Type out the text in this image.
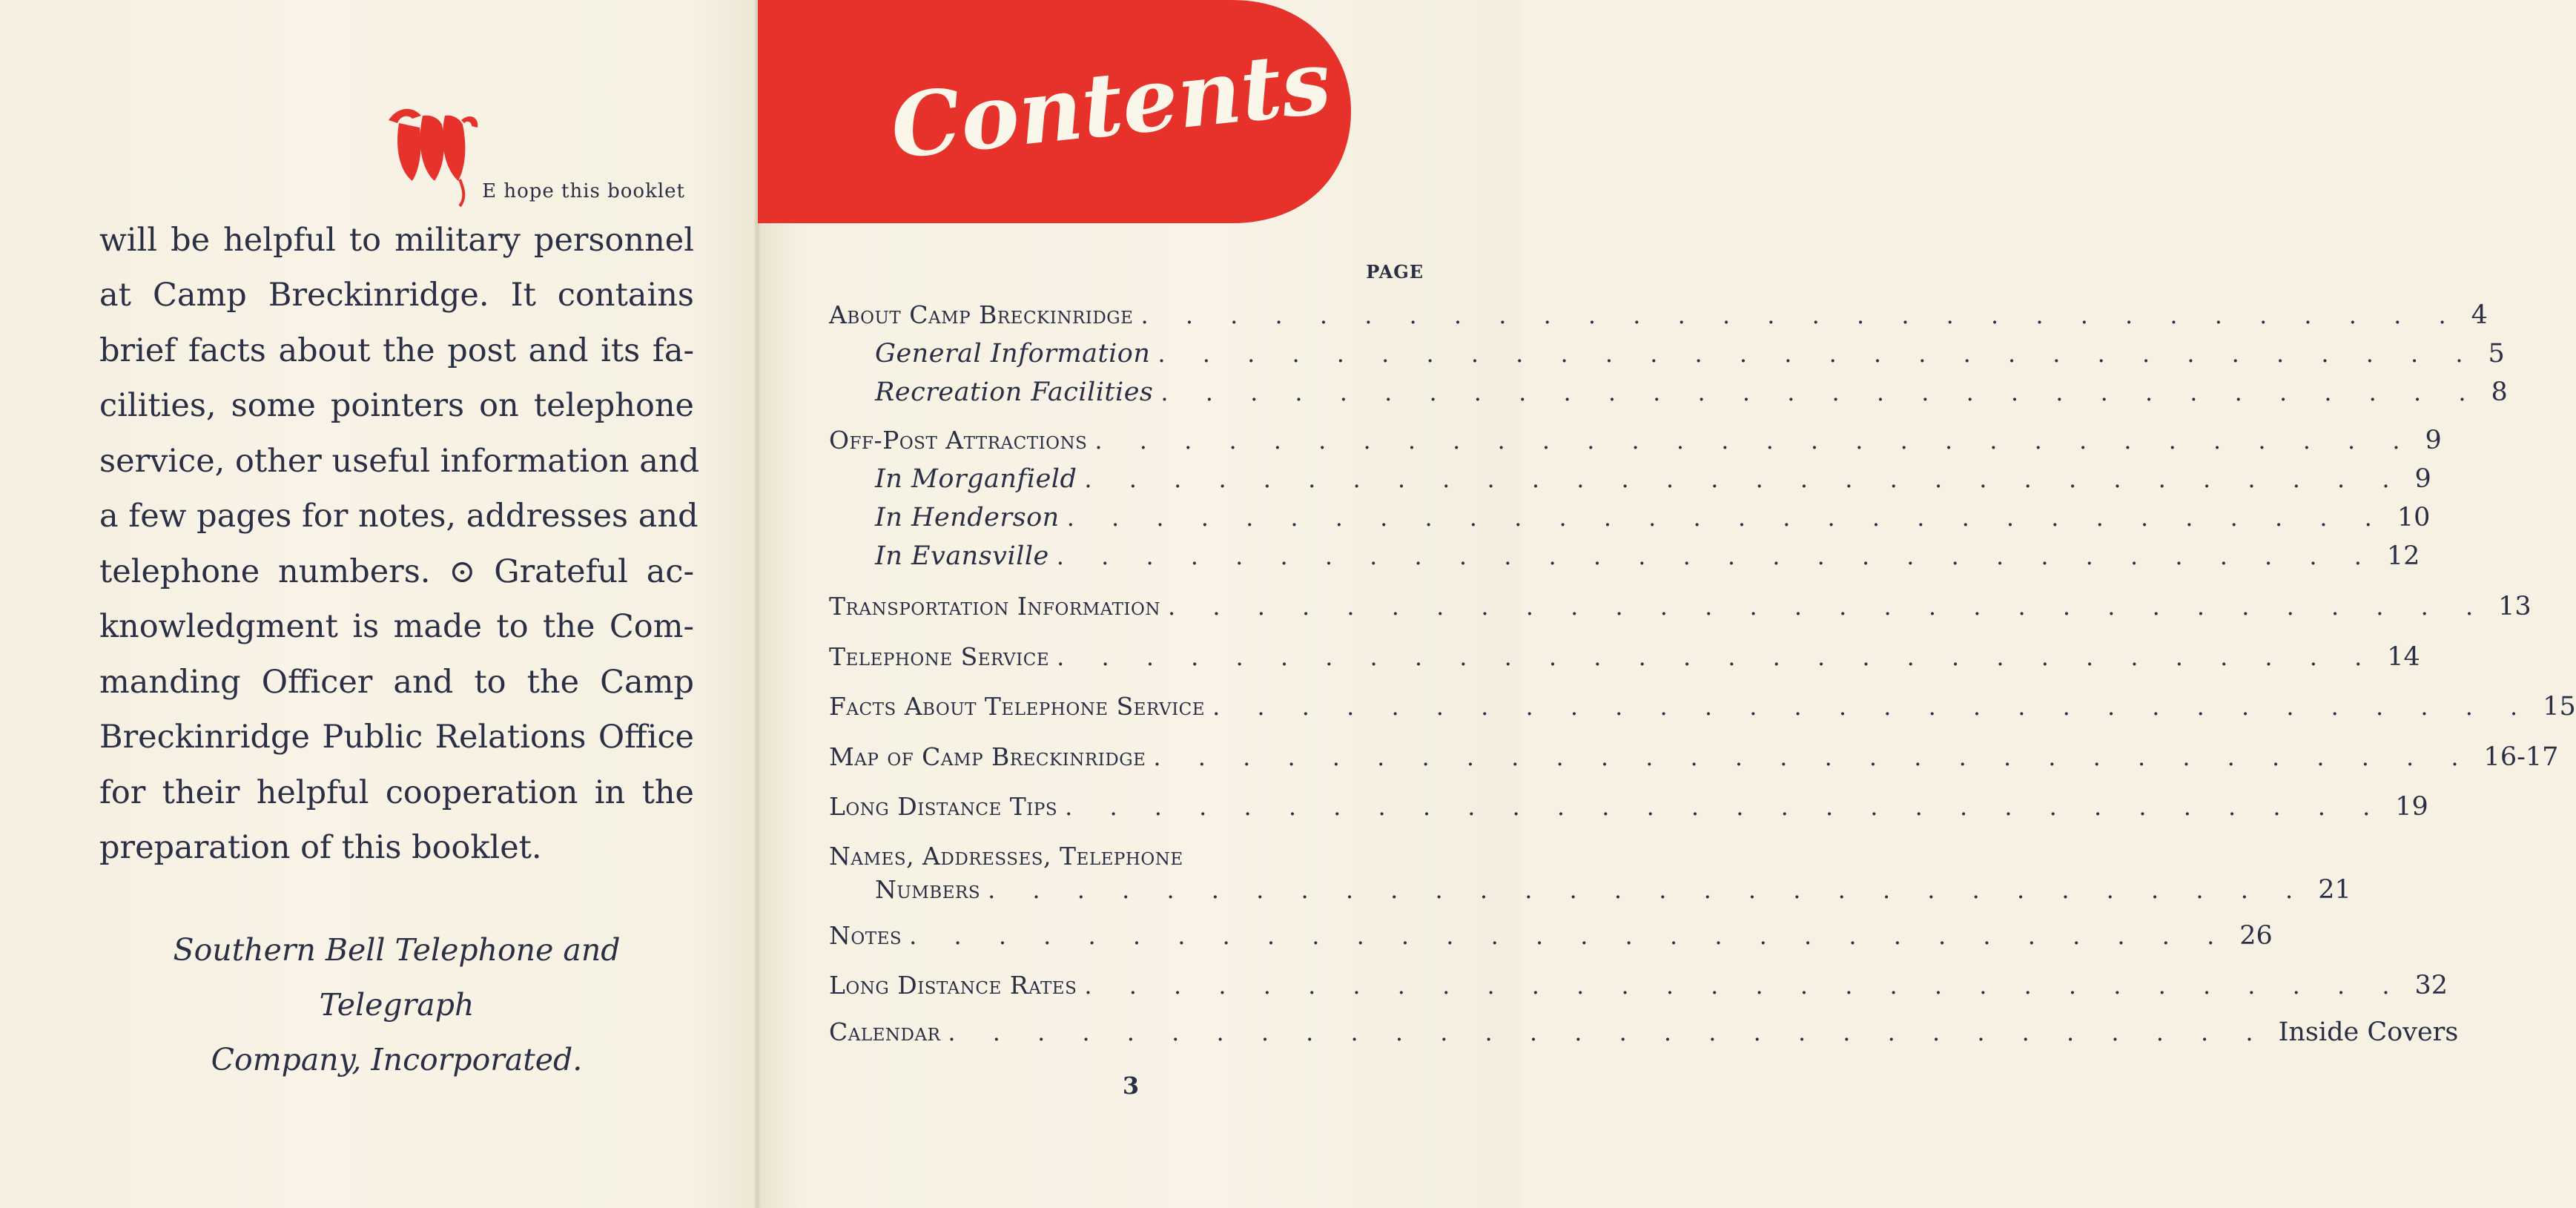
E hope this booklet
will be helpful to military personnel
at Camp Breckinridge. It contains
brief facts about the post and its fa-
cilities, some pointers on telephone
service, other useful information and
a few pages for notes, addresses and
telephone numbers. ⊙ Grateful ac-
knowledgment is made to the Com-
manding Officer and to the Camp
Breckinridge Public Relations Office
for their helpful cooperation in the
preparation of this booklet.
Southern Bell Telephone and Telegraph
Company, Incorporated.
Contents
PAGE
About Camp Breckinridge . . . . . . . . . . . . . . . . . . . . . . . . . . . . . . 4
General Information . . . . . . . . . . . . . . . . . . . . . . . . . . . . . . 5
Recreation Facilities . . . . . . . . . . . . . . . . . . . . . . . . . . . . . . 8
Off-Post Attractions . . . . . . . . . . . . . . . . . . . . . . . . . . . . . . 9
In Morganfield . . . . . . . . . . . . . . . . . . . . . . . . . . . . . . 9
In Henderson . . . . . . . . . . . . . . . . . . . . . . . . . . . . . . 10
In Evansville . . . . . . . . . . . . . . . . . . . . . . . . . . . . . . 12
Transportation Information . . . . . . . . . . . . . . . . . . . . . . . . . . . . . . 13
Telephone Service . . . . . . . . . . . . . . . . . . . . . . . . . . . . . . 14
Facts About Telephone Service . . . . . . . . . . . . . . . . . . . . . . . . . . . . . . 15
Map of Camp Breckinridge . . . . . . . . . . . . . . . . . . . . . . . . . . . . . . 16-17
Long Distance Tips . . . . . . . . . . . . . . . . . . . . . . . . . . . . . . 19
Names, Addresses, Telephone
Numbers . . . . . . . . . . . . . . . . . . . . . . . . . . . . . . 21
Notes . . . . . . . . . . . . . . . . . . . . . . . . . . . . . . 26
Long Distance Rates . . . . . . . . . . . . . . . . . . . . . . . . . . . . . . 32
Calendar . . . . . . . . . . . . . . . . . . . . . . . . . . . . . . Inside Covers
3
